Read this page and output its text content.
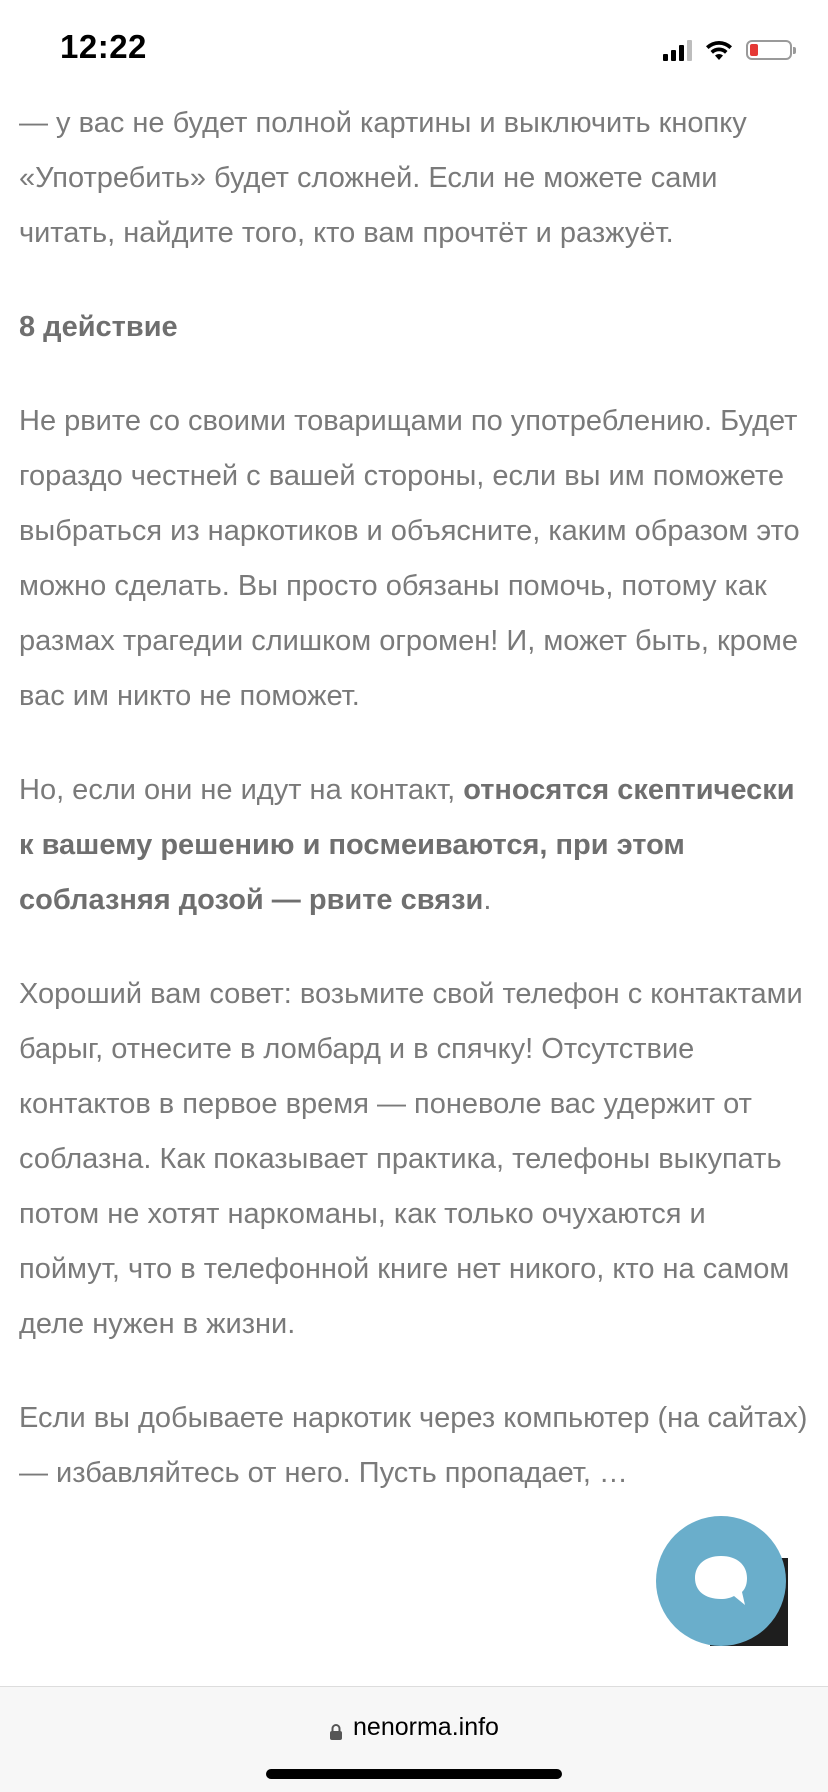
12:22

— у вас не будет полной картины и выключить кнопку «Употребить» будет сложней. Если не можете сами читать, найдите того, кто вам прочтёт и разжуёт.

8 действие

Не рвите со своими товарищами по употреблению. Будет гораздо честней с вашей стороны, если вы им поможете выбраться из наркотиков и объясните, каким образом это можно сделать. Вы просто обязаны помочь, потому как размах трагедии слишком огромен! И, может быть, кроме вас им никто не поможет.

Но, если они не идут на контакт, относятся скептически к вашему решению и посмеиваются, при этом соблазняя дозой — рвите связи.

Хороший вам совет: возьмите свой телефон с контактами барыг, отнесите в ломбард и в спячку! Отсутствие контактов в первое время — поневоле вас удержит от соблазна. Как показывает практика, телефоны выкупать потом не хотят наркоманы, как только очухаются и поймут, что в телефонной книге нет никого, кто на самом деле нужен в жизни.

Если вы добываете наркотик через компьютер (на сайтах) — избавляйтесь от него. Пусть пропадает, …

nenorma.info
